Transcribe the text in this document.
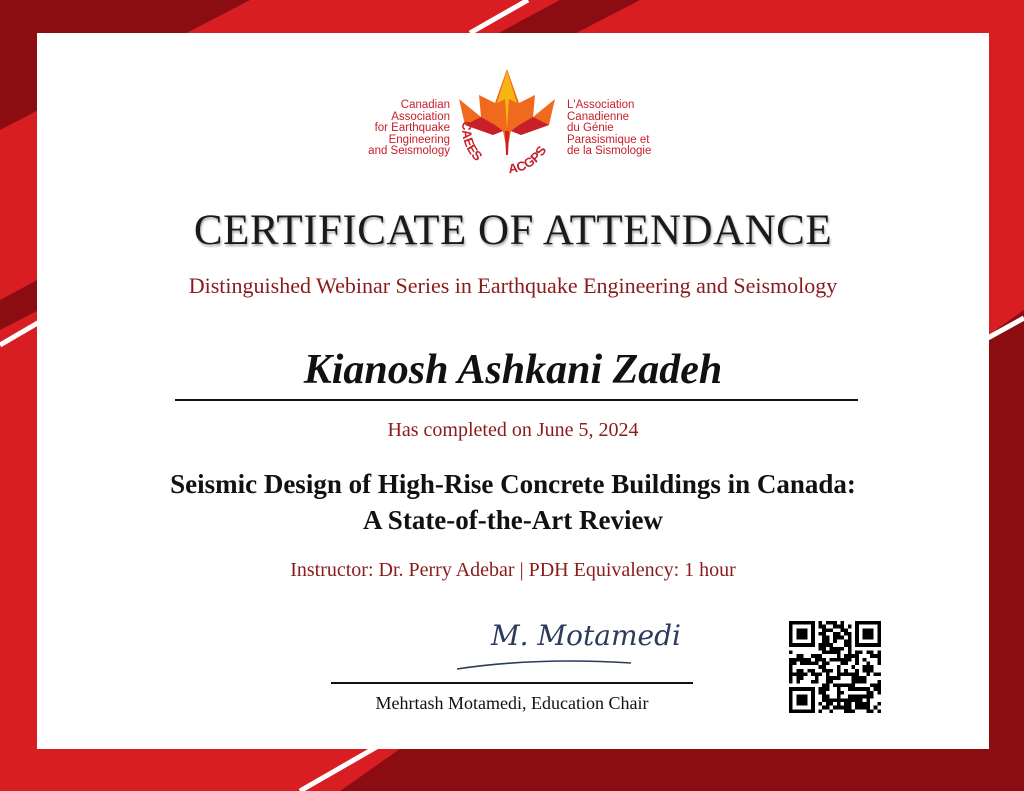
Canadian
Association
for Earthquake
Engineering
and Seismology
CAEES
ACGPS
L'Association
Canadienne
du Génie
Parasismique et
de la Sismologie
CERTIFICATE OF ATTENDANCE
Distinguished Webinar Series in Earthquake Engineering and Seismology
Kianosh Ashkani Zadeh
Has completed on June 5, 2024
Seismic Design of High-Rise Concrete Buildings in Canada:
A State-of-the-Art Review
Instructor: Dr. Perry Adebar | PDH Equivalency: 1 hour
M. Motamedi
Mehrtash Motamedi, Education Chair
